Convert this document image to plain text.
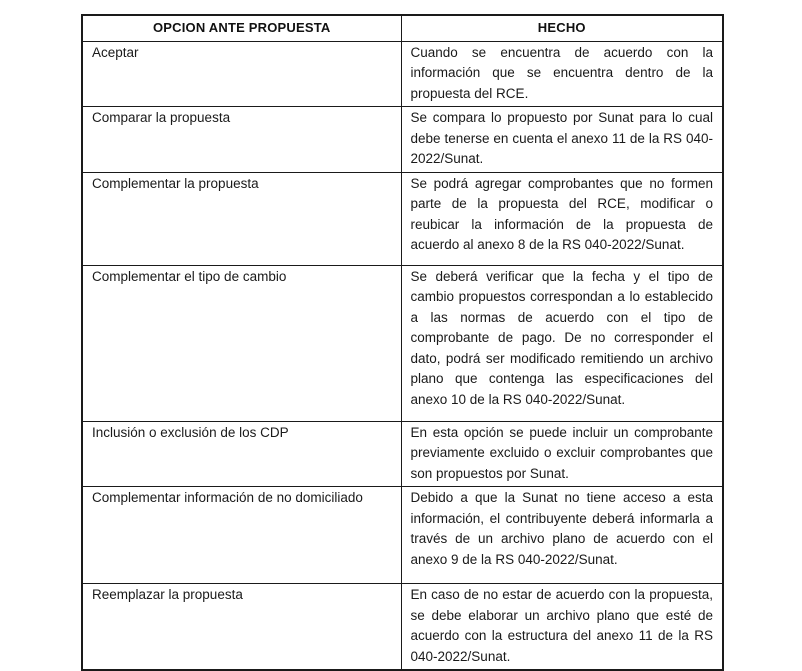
OPCION ANTE PROPUESTA	HECHO
Aceptar	Cuando se encuentra de acuerdo con la información que se encuentra dentro de la propuesta del RCE.
Comparar la propuesta	Se compara lo propuesto por Sunat para lo cual debe tenerse en cuenta el anexo 11 de la RS 040-2022/Sunat.
Complementar la propuesta	Se podrá agregar comprobantes que no formen parte de la propuesta del RCE, modificar o reubicar la información de la propuesta de acuerdo al anexo 8 de la RS 040-2022/Sunat.
Complementar el tipo de cambio	Se deberá verificar que la fecha y el tipo de cambio propuestos correspondan a lo establecido a las normas de acuerdo con el tipo de comprobante de pago. De no corresponder el dato, podrá ser modificado remitiendo un archivo plano que contenga las especificaciones del anexo 10 de la RS 040-2022/Sunat.
Inclusión o exclusión de los CDP	En esta opción se puede incluir un comprobante previamente excluido o excluir comprobantes que son propuestos por Sunat.
Complementar información de no domiciliado	Debido a que la Sunat no tiene acceso a esta información, el contribuyente deberá informarla a través de un archivo plano de acuerdo con el anexo 9 de la RS 040-2022/Sunat.
Reemplazar la propuesta	En caso de no estar de acuerdo con la propuesta, se debe elaborar un archivo plano que esté de acuerdo con la estructura del anexo 11 de la RS 040-2022/Sunat.
